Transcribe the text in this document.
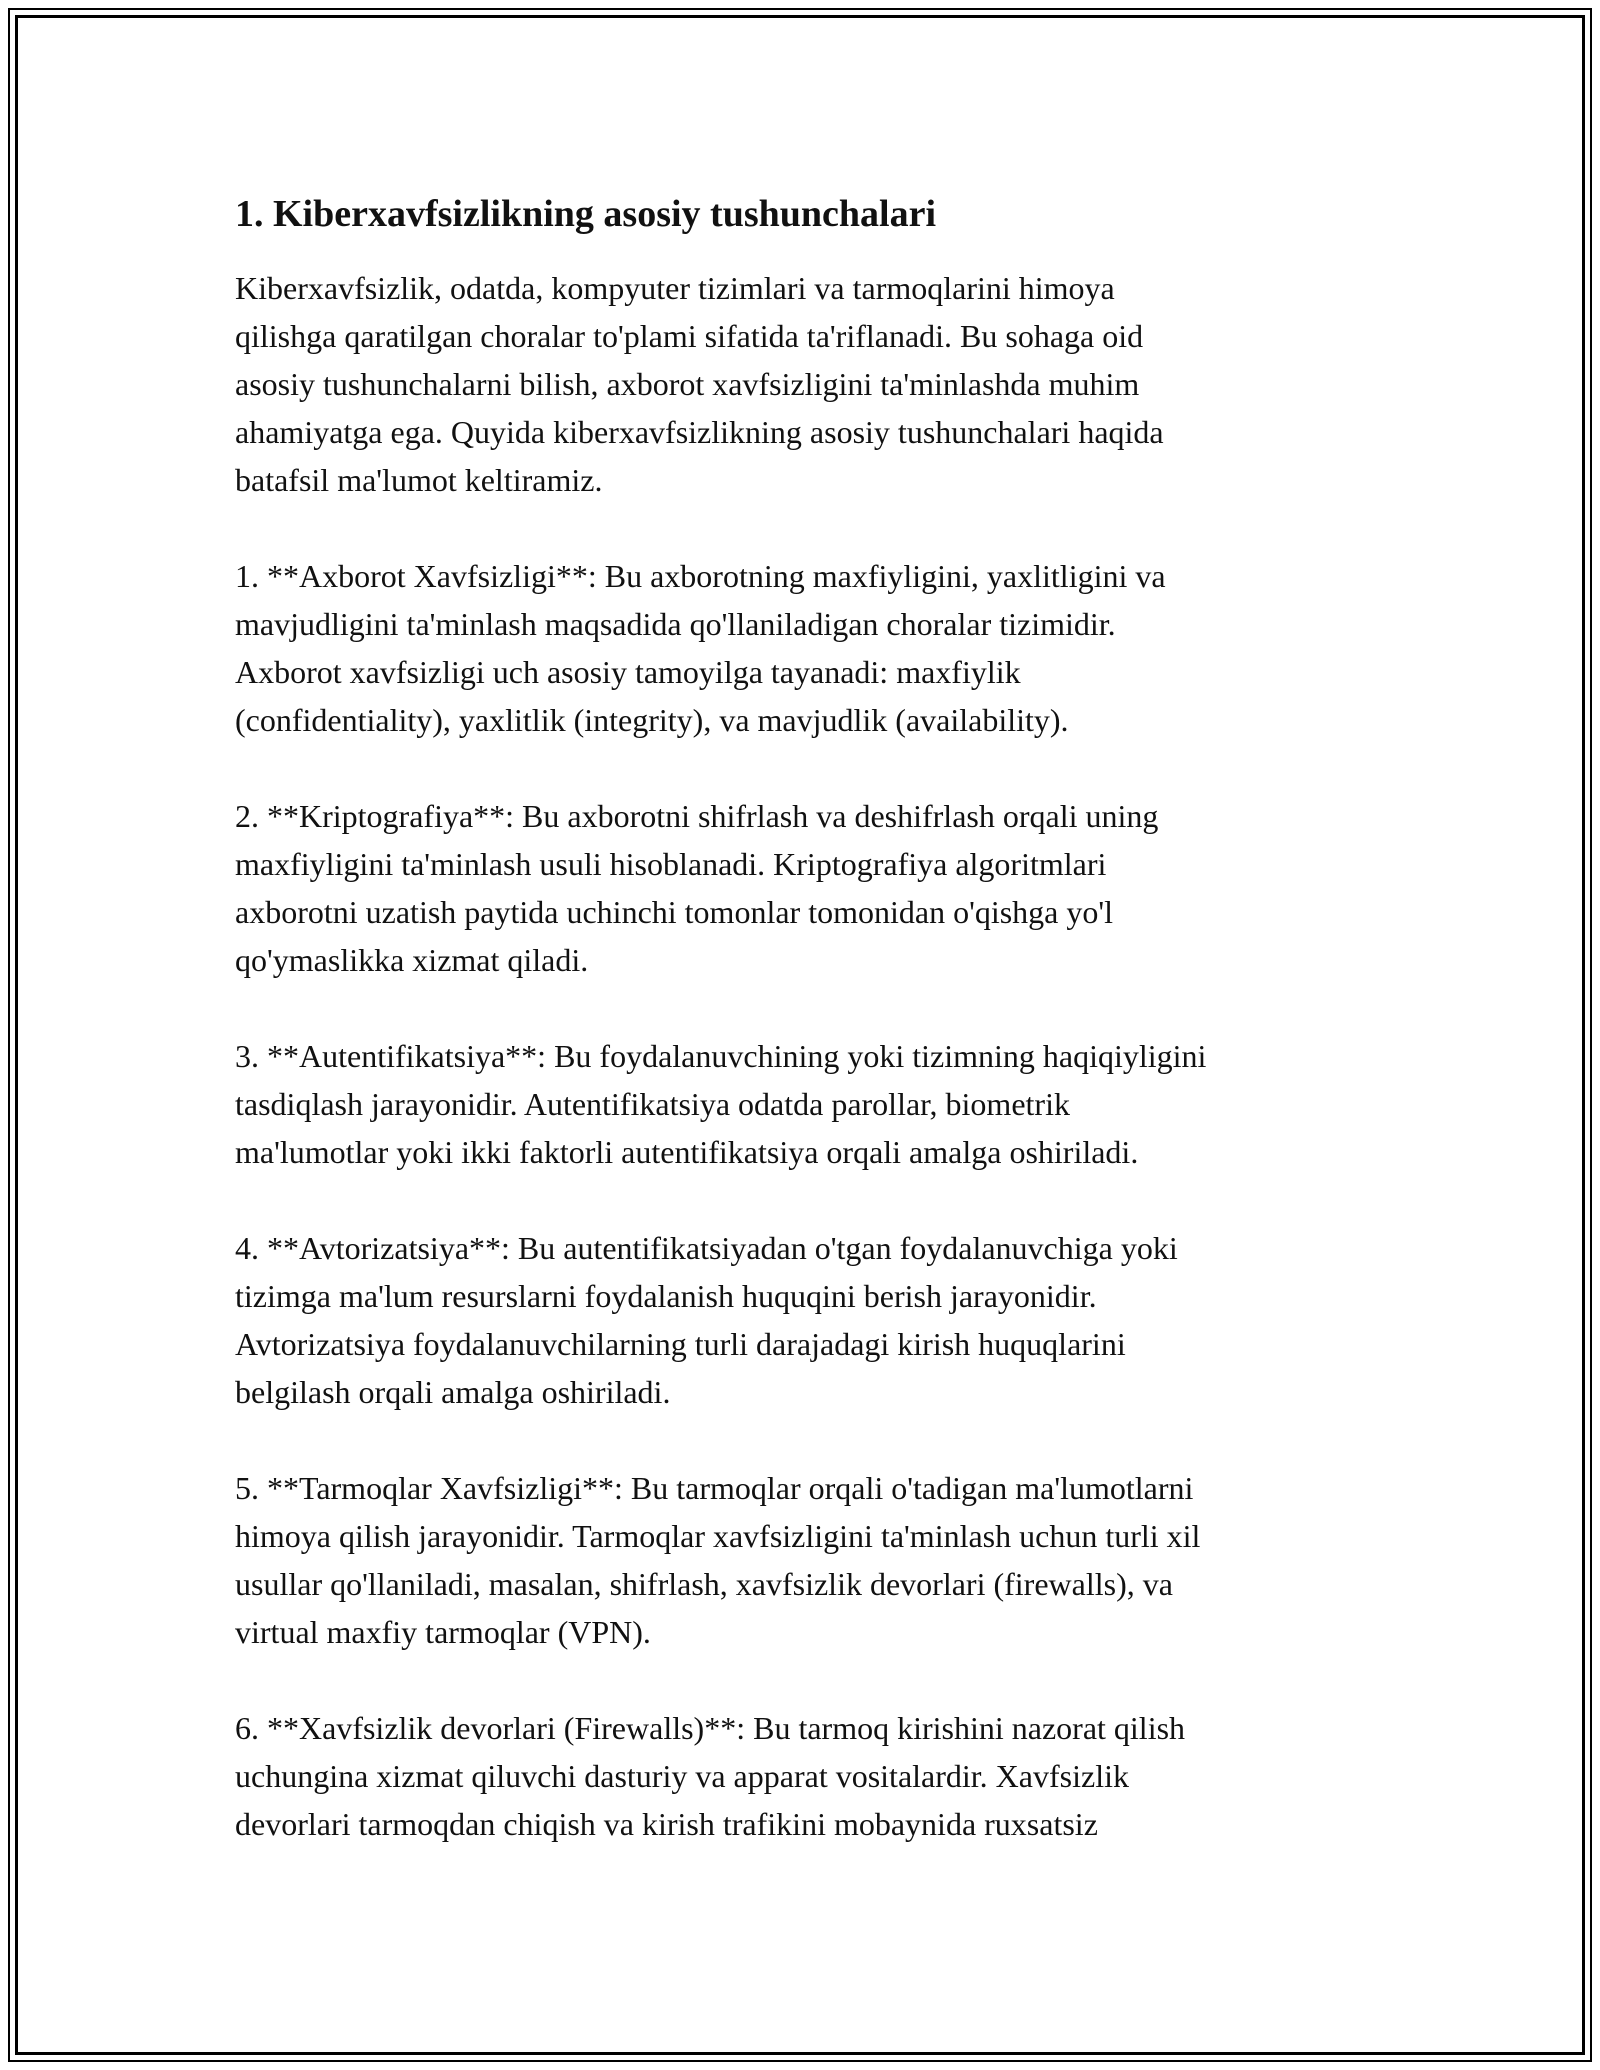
1. Kiberxavfsizlikning asosiy tushunchalari

Kiberxavfsizlik, odatda, kompyuter tizimlari va tarmoqlarini himoya
qilishga qaratilgan choralar to'plami sifatida ta'riflanadi. Bu sohaga oid
asosiy tushunchalarni bilish, axborot xavfsizligini ta'minlashda muhim
ahamiyatga ega. Quyida kiberxavfsizlikning asosiy tushunchalari haqida
batafsil ma'lumot keltiramiz.

1. **Axborot Xavfsizligi**: Bu axborotning maxfiyligini, yaxlitligini va
mavjudligini ta'minlash maqsadida qo'llaniladigan choralar tizimidir.
Axborot xavfsizligi uch asosiy tamoyilga tayanadi: maxfiylik
(confidentiality), yaxlitlik (integrity), va mavjudlik (availability).

2. **Kriptografiya**: Bu axborotni shifrlash va deshifrlash orqali uning
maxfiyligini ta'minlash usuli hisoblanadi. Kriptografiya algoritmlari
axborotni uzatish paytida uchinchi tomonlar tomonidan o'qishga yo'l
qo'ymaslikka xizmat qiladi.

3. **Autentifikatsiya**: Bu foydalanuvchining yoki tizimning haqiqiyligini
tasdiqlash jarayonidir. Autentifikatsiya odatda parollar, biometrik
ma'lumotlar yoki ikki faktorli autentifikatsiya orqali amalga oshiriladi.

4. **Avtorizatsiya**: Bu autentifikatsiyadan o'tgan foydalanuvchiga yoki
tizimga ma'lum resurslarni foydalanish huquqini berish jarayonidir.
Avtorizatsiya foydalanuvchilarning turli darajadagi kirish huquqlarini
belgilash orqali amalga oshiriladi.

5. **Tarmoqlar Xavfsizligi**: Bu tarmoqlar orqali o'tadigan ma'lumotlarni
himoya qilish jarayonidir. Tarmoqlar xavfsizligini ta'minlash uchun turli xil
usullar qo'llaniladi, masalan, shifrlash, xavfsizlik devorlari (firewalls), va
virtual maxfiy tarmoqlar (VPN).

6. **Xavfsizlik devorlari (Firewalls)**: Bu tarmoq kirishini nazorat qilish
uchungina xizmat qiluvchi dasturiy va apparat vositalardir. Xavfsizlik
devorlari tarmoqdan chiqish va kirish trafikini mobaynida ruxsatsiz
